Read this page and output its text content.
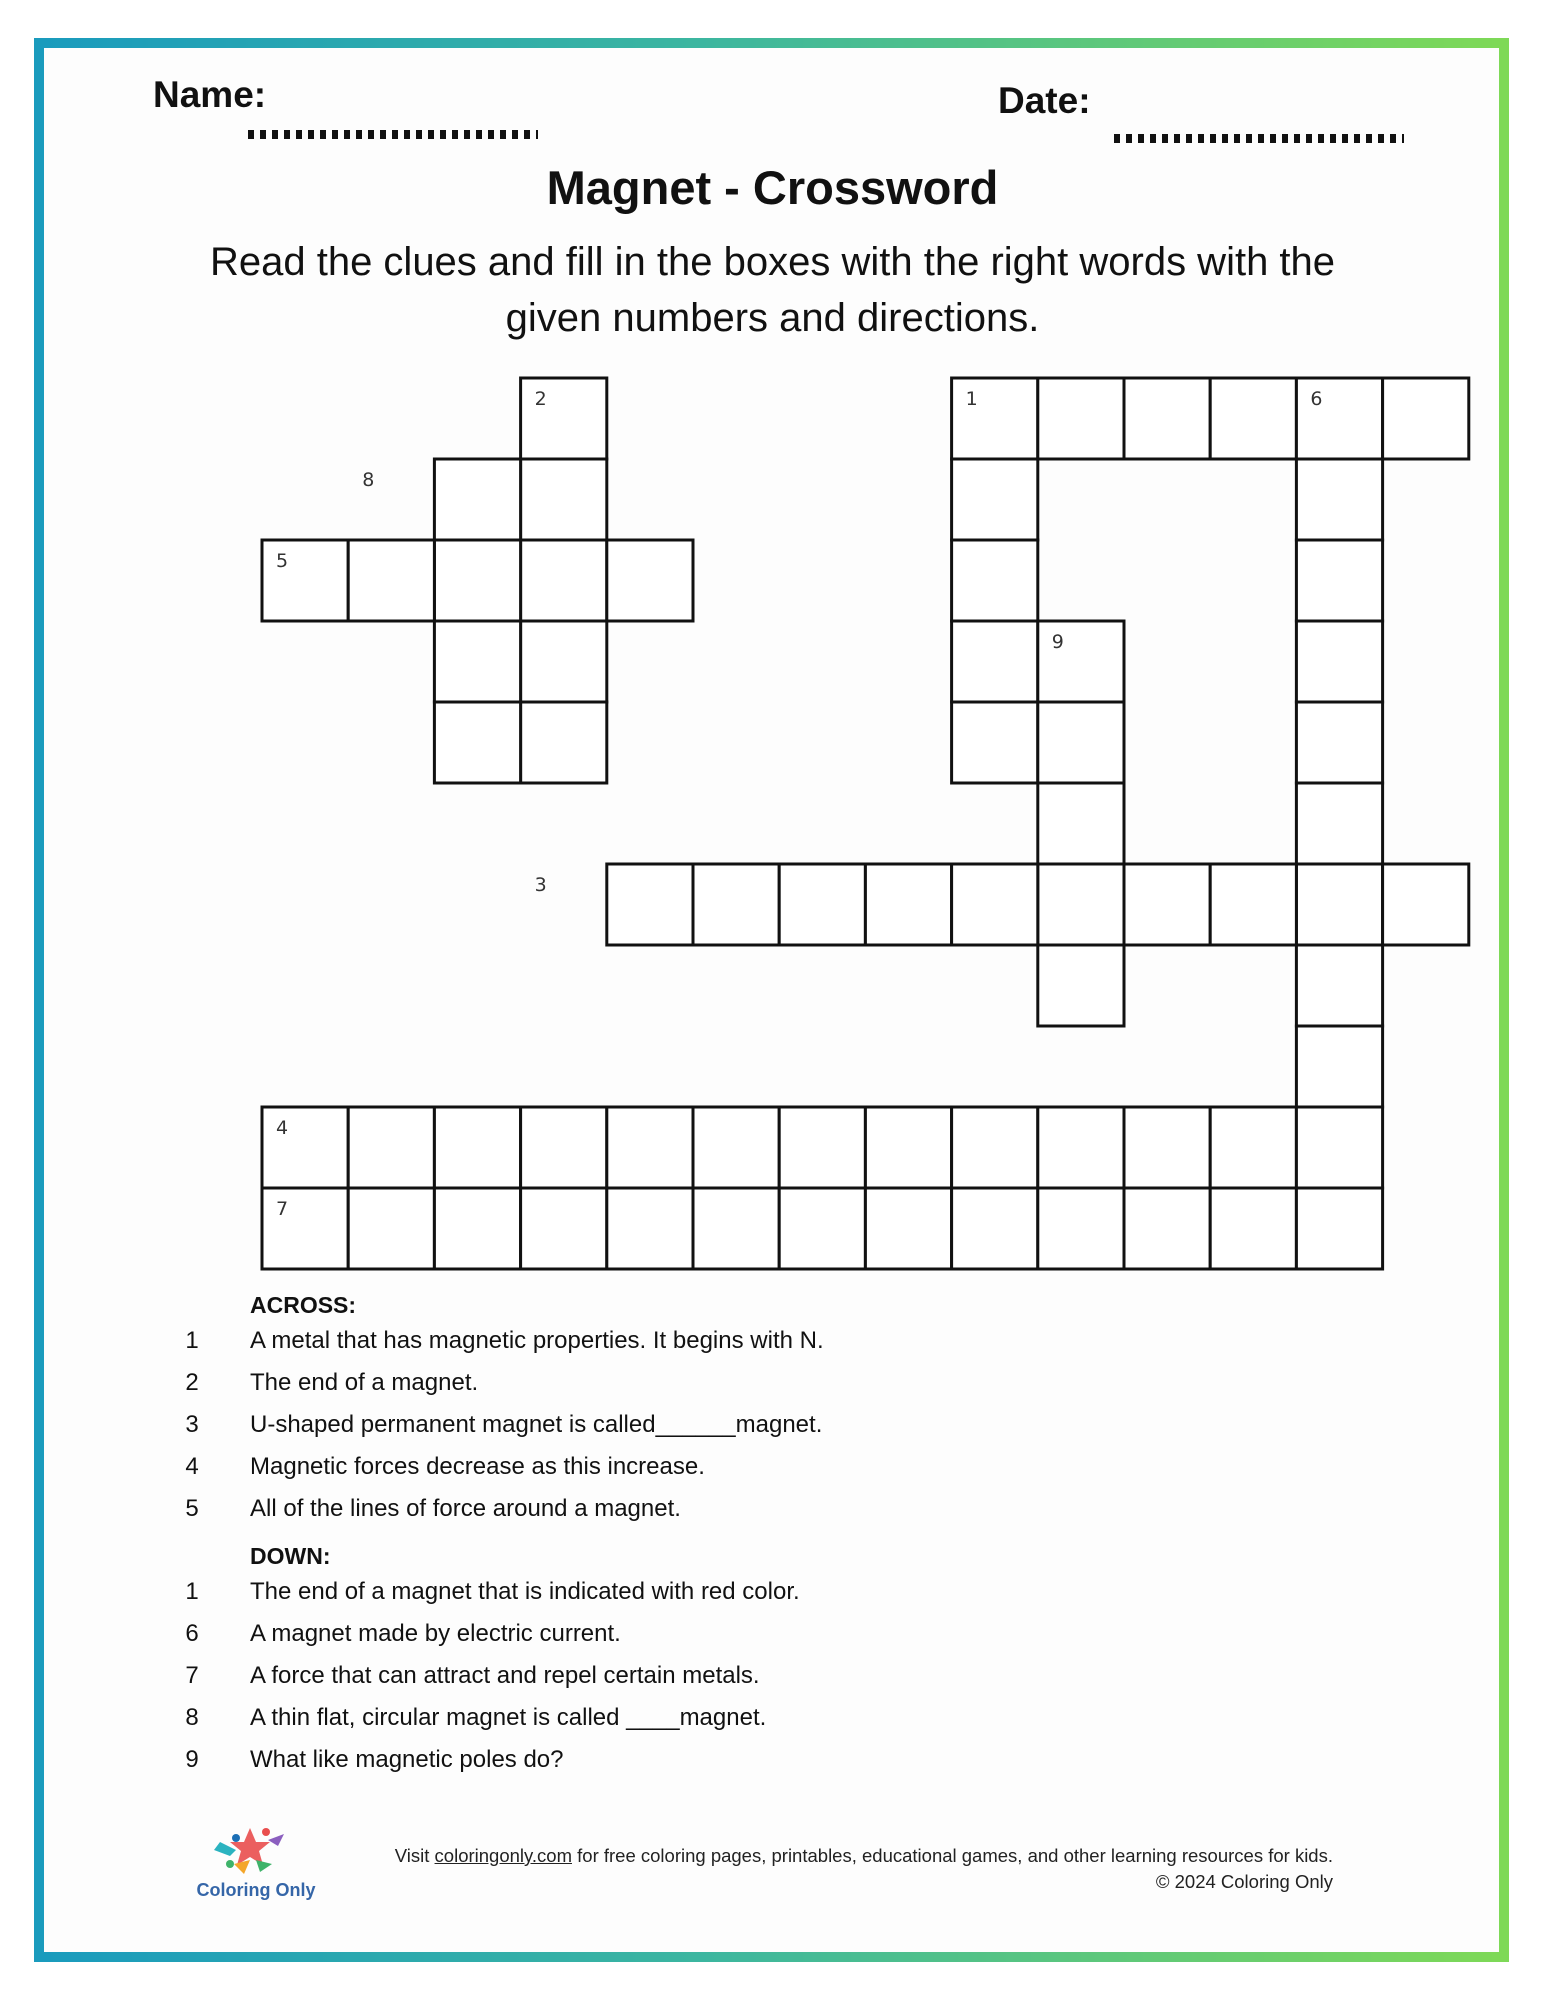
Name:	Date:
Magnet - Crossword
Read the clues and fill in the boxes with the right words with the given numbers and directions.
2	1	6
8
5
9
3
4
7
ACROSS:
1 A metal that has magnetic properties. It begins with N.
2 The end of a magnet.
3 U-shaped permanent magnet is called______magnet.
4 Magnetic forces decrease as this increase.
5 All of the lines of force around a magnet.
DOWN:
1 The end of a magnet that is indicated with red color.
6 A magnet made by electric current.
7 A force that can attract and repel certain metals.
8 A thin flat, circular magnet is called ____magnet.
9 What like magnetic poles do?
Coloring Only
Visit coloringonly.com for free coloring pages, printables, educational games, and other learning resources for kids.
© 2024 Coloring Only
